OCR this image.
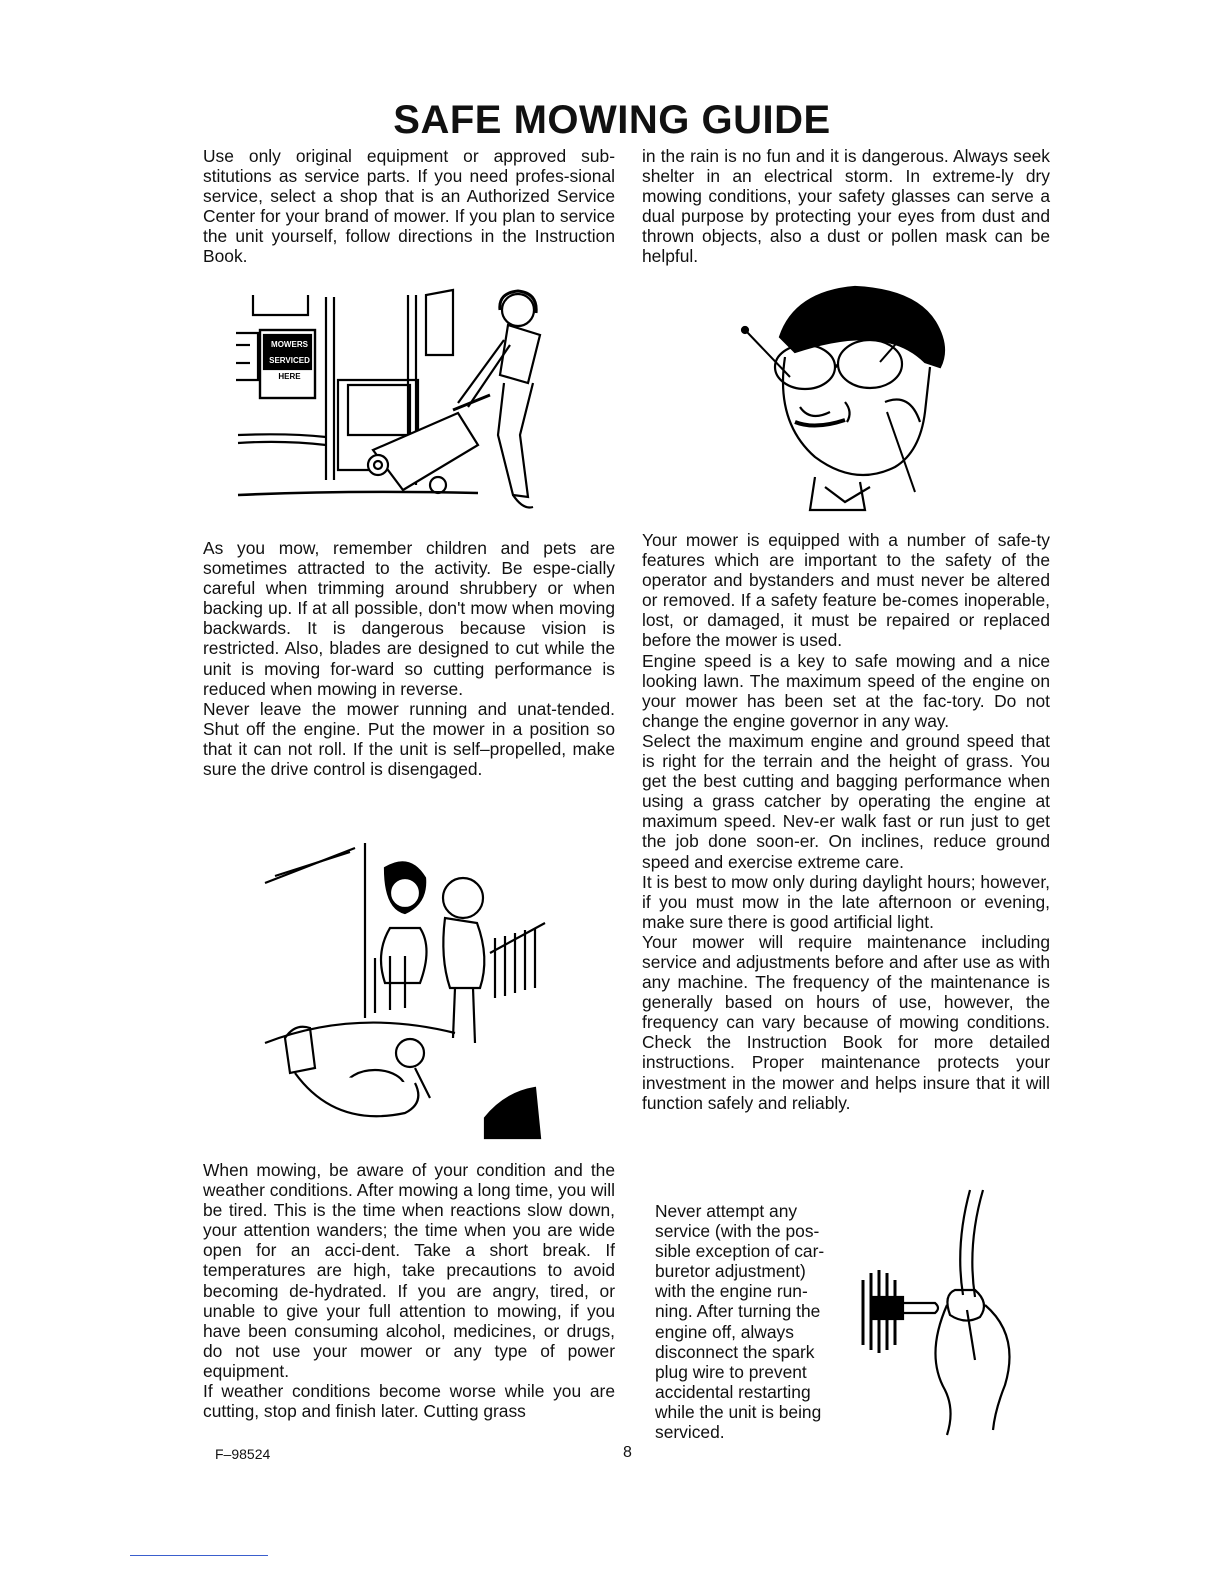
SAFE MOWING GUIDE

Use only original equipment or approved sub-stitutions as service parts. If you need profes-sional service, select a shop that is an Authorized Service Center for your brand of mower. If you plan to service the unit yourself, follow directions in the Instruction Book.

in the rain is no fun and it is dangerous. Always seek shelter in an electrical storm. In extreme-ly dry mowing conditions, your safety glasses can serve a dual purpose by protecting your eyes from dust and thrown objects, also a dust or pollen mask can be helpful.

MOWERS
SERVICED
HERE

As you mow, remember children and pets are sometimes attracted to the activity. Be espe-cially careful when trimming around shrubbery or when backing up. If at all possible, don't mow when moving backwards. It is dangerous because vision is restricted. Also, blades are designed to cut while the unit is moving for-ward so cutting performance is reduced when mowing in reverse.

Never leave the mower running and unat-tended. Shut off the engine. Put the mower in a position so that it can not roll. If the unit is self–propelled, make sure the drive control is disengaged.

When mowing, be aware of your condition and the weather conditions. After mowing a long time, you will be tired. This is the time when reactions slow down, your attention wanders; the time when you are wide open for an acci-dent. Take a short break. If temperatures are high, take precautions to avoid becoming de-hydrated. If you are angry, tired, or unable to give your full attention to mowing, if you have been consuming alcohol, medicines, or drugs, do not use your mower or any type of power equipment.

If weather conditions become worse while you are cutting, stop and finish later. Cutting grass

Your mower is equipped with a number of safe-ty features which are important to the safety of the operator and bystanders and must never be altered or removed. If a safety feature be-comes inoperable, lost, or damaged, it must be repaired or replaced before the mower is used.

Engine speed is a key to safe mowing and a nice looking lawn. The maximum speed of the engine on your mower has been set at the fac-tory. Do not change the engine governor in any way.

Select the maximum engine and ground speed that is right for the terrain and the height of grass. You get the best cutting and bagging performance when using a grass catcher by operating the engine at maximum speed. Nev-er walk fast or run just to get the job done soon-er. On inclines, reduce ground speed and exercise extreme care.

It is best to mow only during daylight hours; however, if you must mow in the late afternoon or evening, make sure there is good artificial light.

Your mower will require maintenance including service and adjustments before and after use as with any machine. The frequency of the maintenance is generally based on hours of use, however, the frequency can vary because of mowing conditions. Check the Instruction Book for more detailed instructions. Proper maintenance protects your investment in the mower and helps insure that it will function safely and reliably.

Never attempt any
service (with the pos-
sible exception of car-
buretor adjustment)
with the engine run-
ning. After turning the
engine off, always
disconnect the spark
plug wire to prevent
accidental restarting
while the unit is being
serviced.
F–98524	8
